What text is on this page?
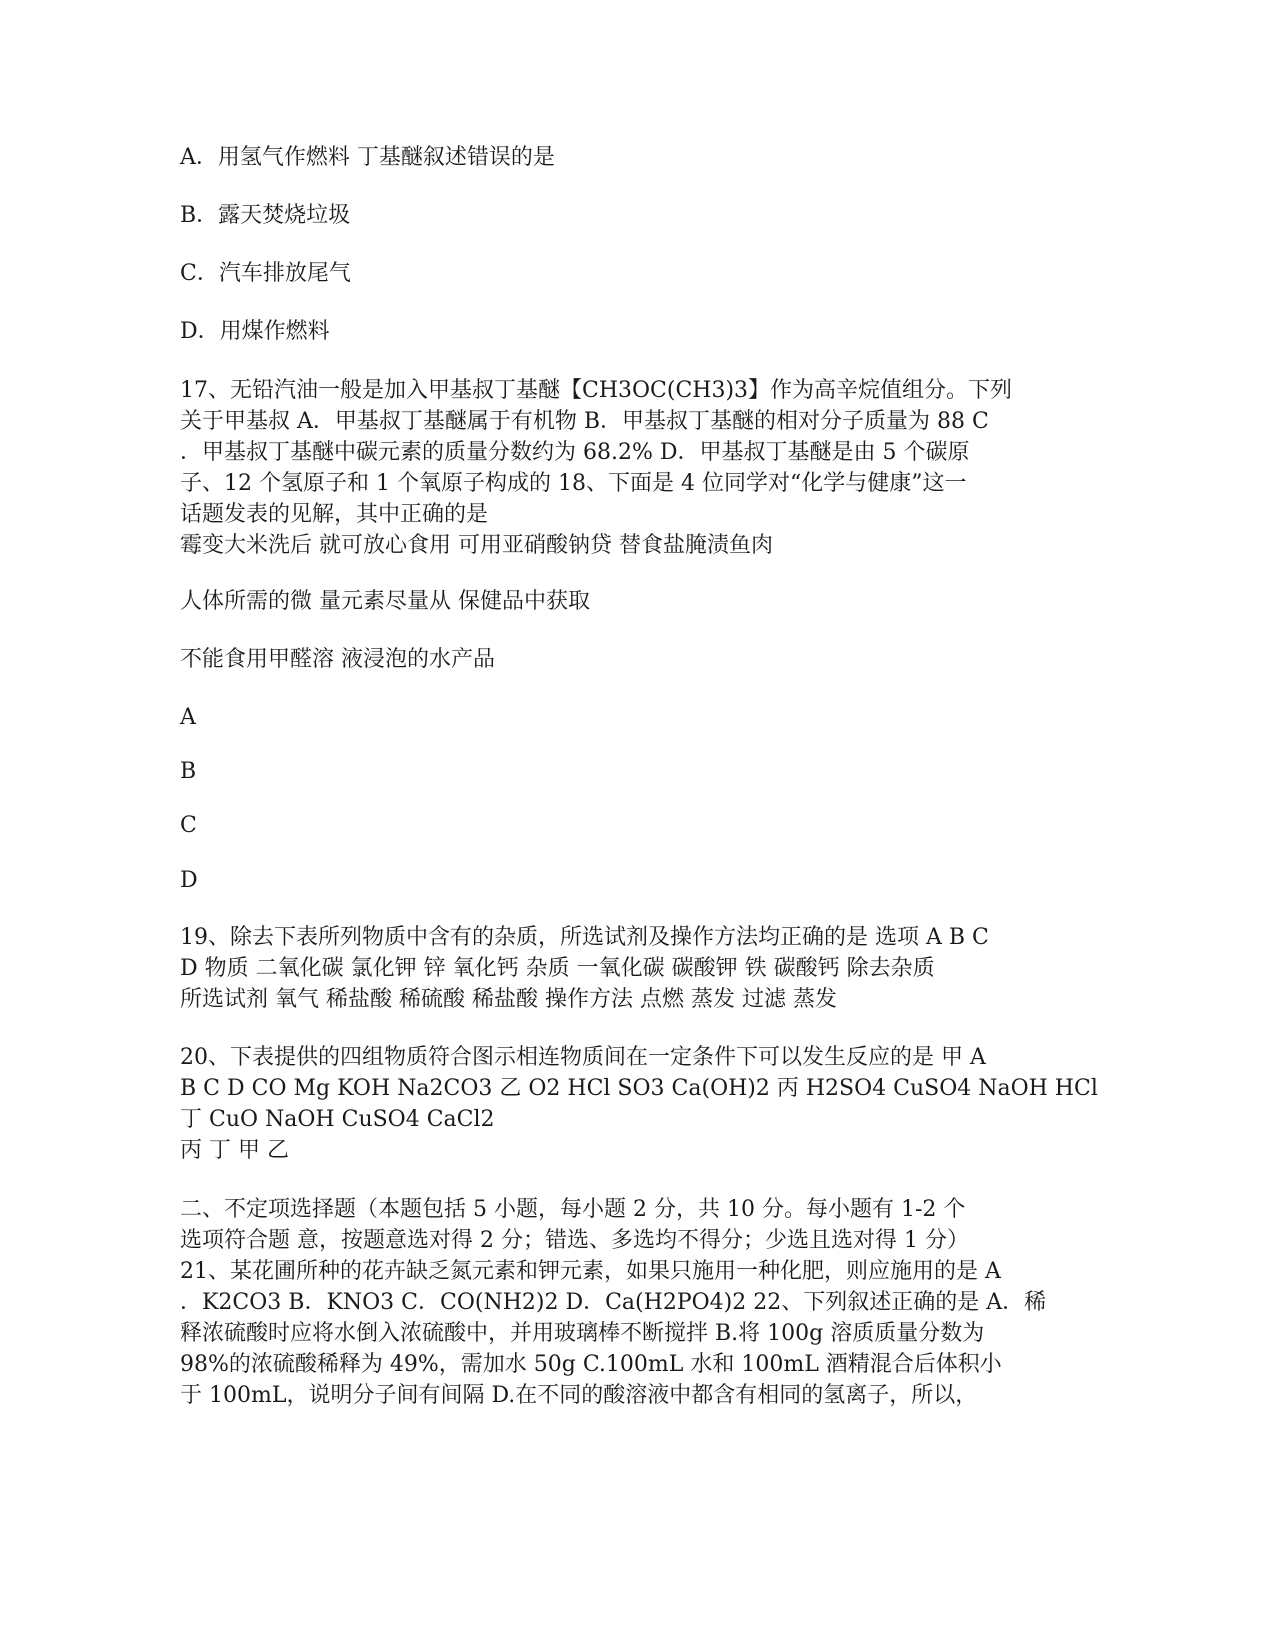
A．用氢气作燃料 丁基醚叙述错误的是
B．露天焚烧垃圾
C．汽车排放尾气
D．用煤作燃料
17、无铅汽油一般是加入甲基叔丁基醚【CH3OC(CH3)3】作为高辛烷值组分。下列
关于甲基叔 A．甲基叔丁基醚属于有机物 B．甲基叔丁基醚的相对分子质量为 88 C
．甲基叔丁基醚中碳元素的质量分数约为 68.2% D．甲基叔丁基醚是由 5 个碳原
子、12 个氢原子和 1 个氧原子构成的 18、下面是 4 位同学对“化学与健康”这一
话题发表的见解，其中正确的是
霉变大米洗后 就可放心食用 可用亚硝酸钠贷 替食盐腌渍鱼肉
人体所需的微 量元素尽量从 保健品中获取
不能食用甲醛溶 液浸泡的水产品
A
B
C
D
19、除去下表所列物质中含有的杂质，所选试剂及操作方法均正确的是 选项 A B C
D 物质 二氧化碳 氯化钾 锌 氧化钙 杂质 一氧化碳 碳酸钾 铁 碳酸钙 除去杂质
所选试剂 氧气 稀盐酸 稀硫酸 稀盐酸 操作方法 点燃 蒸发 过滤 蒸发
20、下表提供的四组物质符合图示相连物质间在一定条件下可以发生反应的是 甲 A
B C D CO Mg KOH Na2CO3 乙 O2 HCl SO3 Ca(OH)2 丙 H2SO4 CuSO4 NaOH HCl
丁 CuO NaOH CuSO4 CaCl2
丙 丁 甲 乙
二、不定项选择题（本题包括 5 小题，每小题 2 分，共 10 分。每小题有 1-2 个
选项符合题 意，按题意选对得 2 分；错选、多选均不得分；少选且选对得 1 分）
21、某花圃所种的花卉缺乏氮元素和钾元素，如果只施用一种化肥，则应施用的是 A
．K2CO3 B．KNO3 C．CO(NH2)2 D．Ca(H2PO4)2 22、下列叙述正确的是 A．稀
释浓硫酸时应将水倒入浓硫酸中，并用玻璃棒不断搅拌 B.将 100g 溶质质量分数为
98%的浓硫酸稀释为 49%，需加水 50g C.100mL 水和 100mL 酒精混合后体积小
于 100mL，说明分子间有间隔 D.在不同的酸溶液中都含有相同的氢离子，所以，
